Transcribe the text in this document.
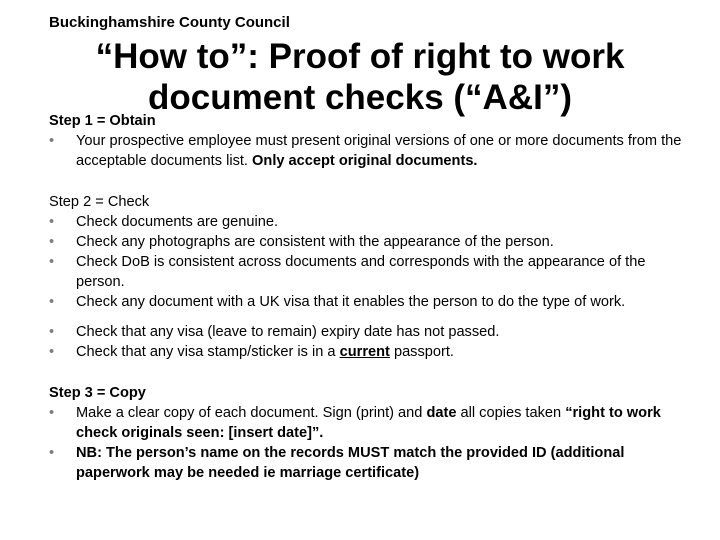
Buckinghamshire County Council
“How to”: Proof of right to work document checks (“A&I”)

Step 1 = Obtain

• Your prospective employee must present original versions of one or more documents from the acceptable documents list. Only accept original documents.

Step 2 = Check

• Check documents are genuine.
• Check any photographs are consistent with the appearance of the person.
• Check DoB is consistent across documents and corresponds with the appearance of the person.
• Check any document with a UK visa that it enables the person to do the type of work.
• Check that any visa (leave to remain) expiry date has not passed.
• Check that any visa stamp/sticker is in a current passport.

Step 3 = Copy

• Make a clear copy of each document. Sign (print) and date all copies taken “right to work check originals seen: [insert date]”.
• NB: The person’s name on the records MUST match the provided ID (additional paperwork may be needed ie marriage certificate)
